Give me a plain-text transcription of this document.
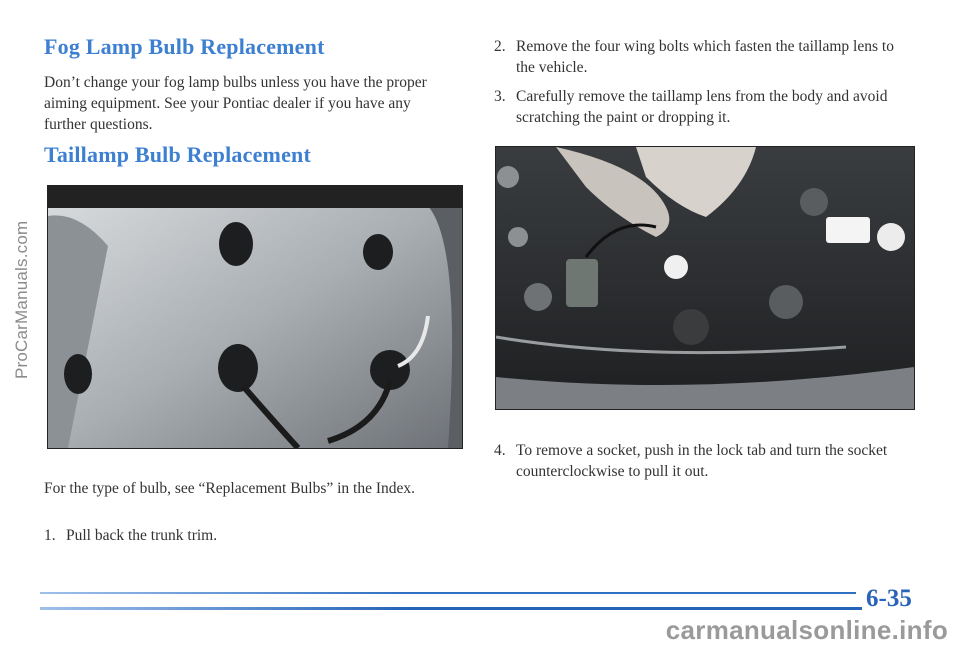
ProCarManuals.com
Fog Lamp Bulb Replacement

Don’t change your fog lamp bulbs unless you have the proper aiming equipment. See your Pontiac dealer if you have any further questions.

Taillamp Bulb Replacement

For the type of bulb, see “Replacement Bulbs” in the Index.

1. Pull back the trunk trim.
2. Remove the four wing bolts which fasten the taillamp lens to the vehicle.
3. Carefully remove the taillamp lens from the body and avoid scratching the paint or dropping it.
4. To remove a socket, push in the lock tab and turn the socket counterclockwise to pull it out.
6-35
carmanualsonline.info
